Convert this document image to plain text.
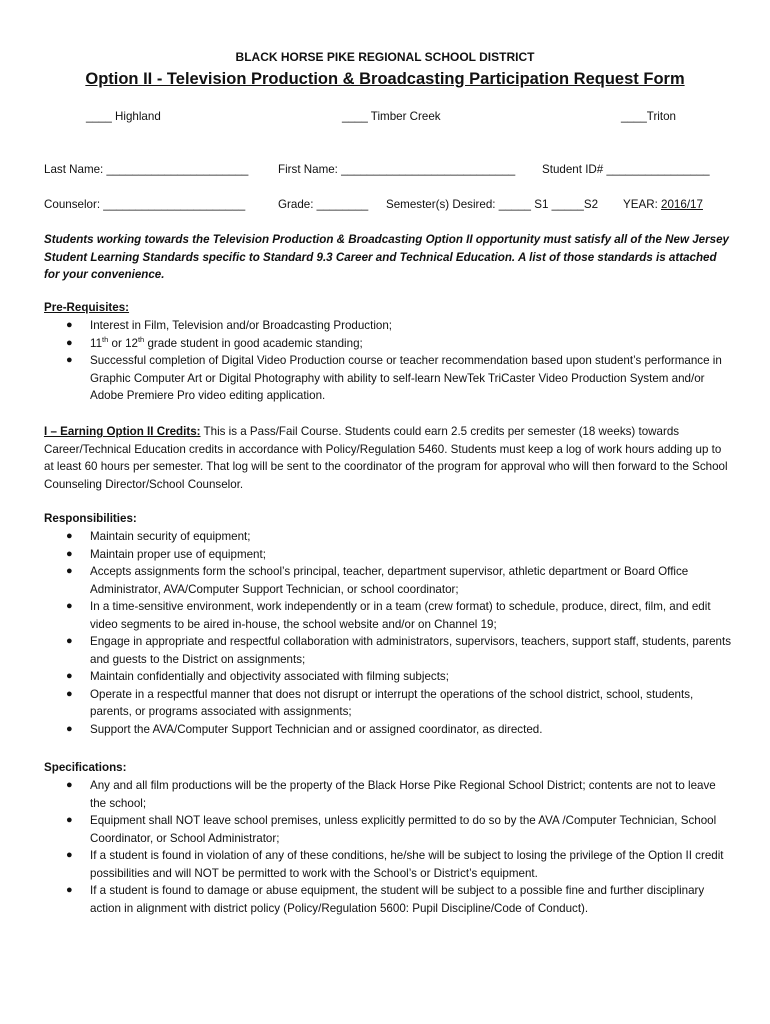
BLACK HORSE PIKE REGIONAL SCHOOL DISTRICT
Option II - Television Production & Broadcasting Participation Request Form
____ Highland	____ Timber Creek	____Triton
Last Name: ______________________	First Name: ___________________________ Student ID# ________________
Counselor: ______________________	Grade: ________ Semester(s) Desired: _____ S1 _____S2 YEAR: 2016/17
Students working towards the Television Production & Broadcasting Option II opportunity must satisfy all of the New Jersey Student Learning Standards specific to Standard 9.3 Career and Technical Education. A list of those standards is attached for your convenience.
Pre-Requisites:
● Interest in Film, Television and/or Broadcasting Production;
● 11th or 12th grade student in good academic standing;
● Successful completion of Digital Video Production course or teacher recommendation based upon student’s performance in Graphic Computer Art or Digital Photography with ability to self-learn NewTek TriCaster Video Production System and/or Adobe Premiere Pro video editing application.
I – Earning Option II Credits: This is a Pass/Fail Course. Students could earn 2.5 credits per semester (18 weeks) towards Career/Technical Education credits in accordance with Policy/Regulation 5460. Students must keep a log of work hours adding up to at least 60 hours per semester. That log will be sent to the coordinator of the program for approval who will then forward to the School Counseling Director/School Counselor.
Responsibilities:
● Maintain security of equipment;
● Maintain proper use of equipment;
● Accepts assignments form the school’s principal, teacher, department supervisor, athletic department or Board Office Administrator, AVA/Computer Support Technician, or school coordinator;
● In a time-sensitive environment, work independently or in a team (crew format) to schedule, produce, direct, film, and edit video segments to be aired in-house, the school website and/or on Channel 19;
● Engage in appropriate and respectful collaboration with administrators, supervisors, teachers, support staff, students, parents and guests to the District on assignments;
● Maintain confidentially and objectivity associated with filming subjects;
● Operate in a respectful manner that does not disrupt or interrupt the operations of the school district, school, students, parents, or programs associated with assignments;
● Support the AVA/Computer Support Technician and or assigned coordinator, as directed.
Specifications:
● Any and all film productions will be the property of the Black Horse Pike Regional School District; contents are not to leave the school;
● Equipment shall NOT leave school premises, unless explicitly permitted to do so by the AVA /Computer Technician, School Coordinator, or School Administrator;
● If a student is found in violation of any of these conditions, he/she will be subject to losing the privilege of the Option II credit possibilities and will NOT be permitted to work with the School’s or District’s equipment.
● If a student is found to damage or abuse equipment, the student will be subject to a possible fine and further disciplinary action in alignment with district policy (Policy/Regulation 5600: Pupil Discipline/Code of Conduct).
